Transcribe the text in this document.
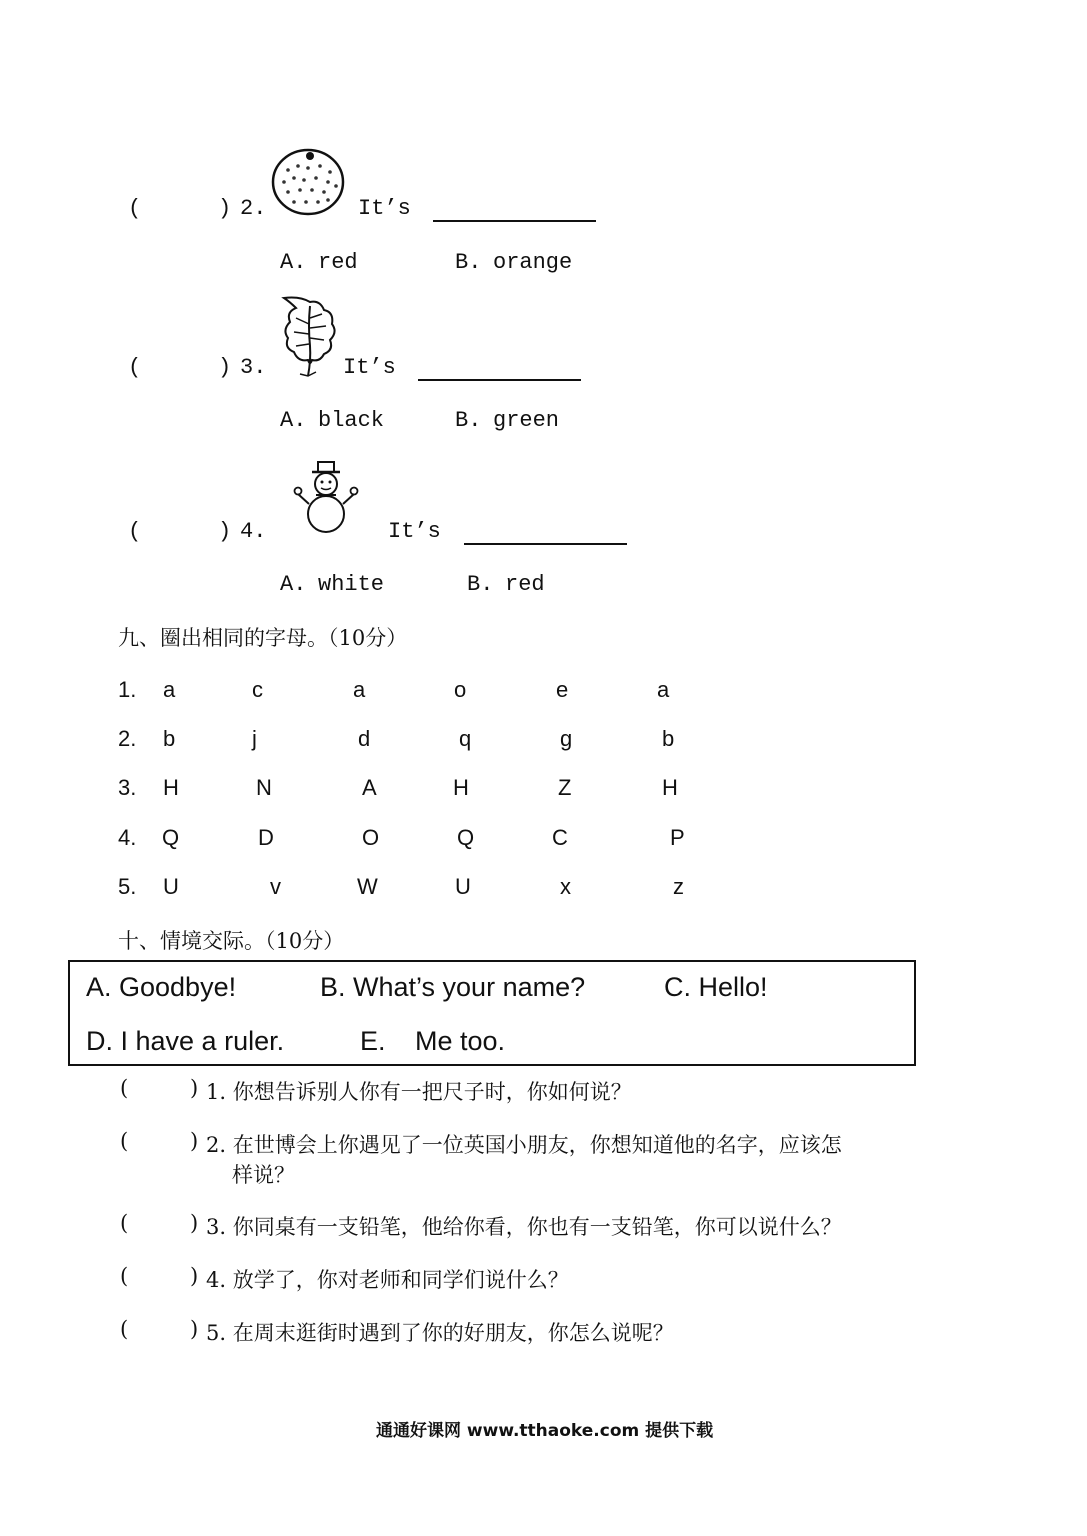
(	) 2.	It’s
A. red	B. orange
(	) 3.	It’s
A. black	B. green
(	) 4.	It’s
A. white	B. red
九、圈出相同的字母。（10分）
1. a	c	a	o	e	a
2. b	j	d	q	g	b
3. H	N	A	H	Z	H
4. Q	D	O	Q	C	P
5. U	v	W	U	x	z
十、情境交际。（10分）
A. Goodbye!	B. What’s your name?	C. Hello!
D. I have a ruler.	E. Me too.
(	) 1. 你想告诉别人你有一把尺子时，你如何说？
(	) 2. 在世博会上你遇见了一位英国小朋友，你想知道他的名字，应该怎
样说？
(	) 3. 你同桌有一支铅笔，他给你看，你也有一支铅笔，你可以说什么？
(	) 4. 放学了，你对老师和同学们说什么？
(	) 5. 在周末逛街时遇到了你的好朋友，你怎么说呢？
通通好课网 www.tthaoke.com 提供下载
